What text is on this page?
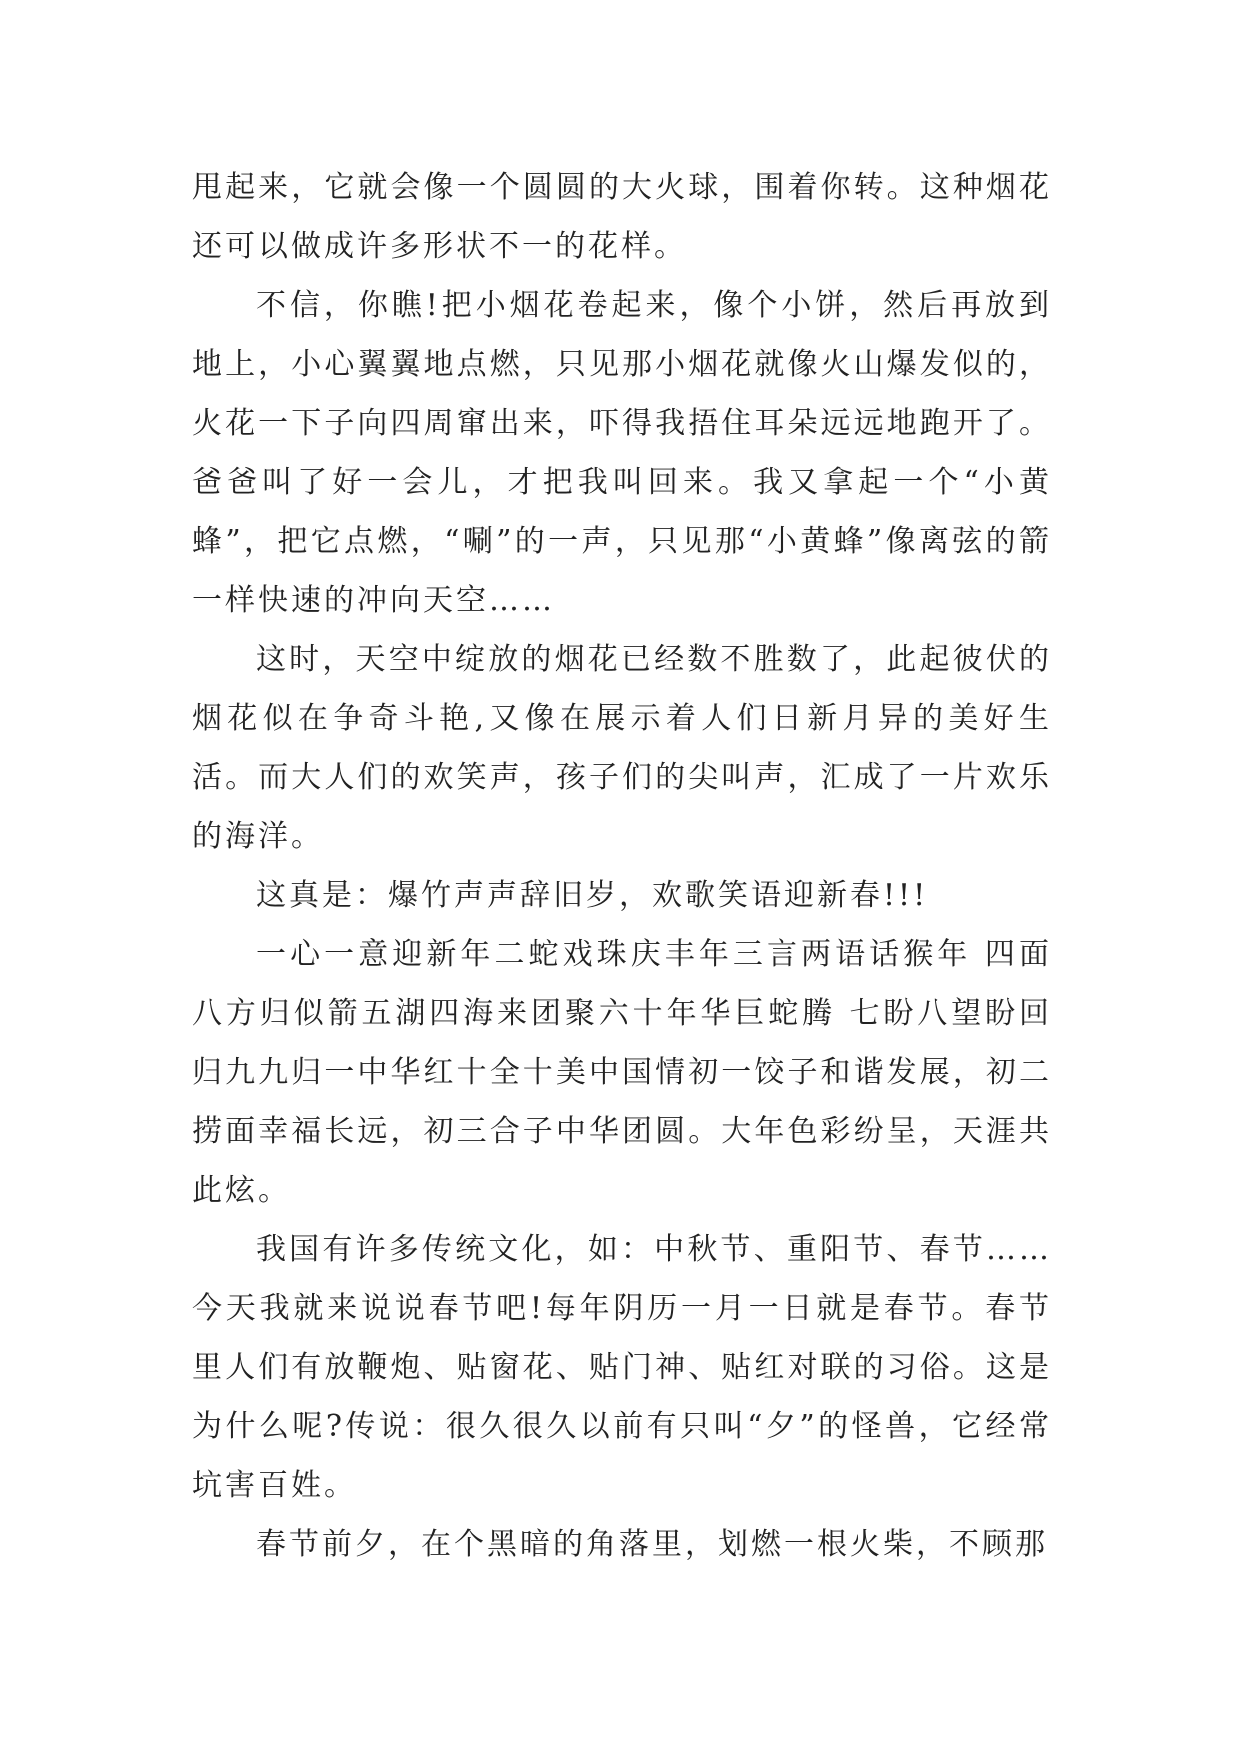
甩起来，它就会像一个圆圆的大火球，围着你转。这种烟花还可以做成许多形状不一的花样。

不信，你瞧!把小烟花卷起来，像个小饼，然后再放到地上，小心翼翼地点燃，只见那小烟花就像火山爆发似的，火花一下子向四周窜出来，吓得我捂住耳朵远远地跑开了。爸爸叫了好一会儿，才把我叫回来。我又拿起一个“小黄蜂”，把它点燃，“唰”的一声，只见那“小黄蜂”像离弦的箭一样快速的冲向天空……

这时，天空中绽放的烟花已经数不胜数了，此起彼伏的烟花似在争奇斗艳,又像在展示着人们日新月异的美好生活。而大人们的欢笑声，孩子们的尖叫声，汇成了一片欢乐的海洋。

这真是：爆竹声声辞旧岁，欢歌笑语迎新春!!!

一心一意迎新年二蛇戏珠庆丰年三言两语话猴年 四面八方归似箭五湖四海来团聚六十年华巨蛇腾 七盼八望盼回归九九归一中华红十全十美中国情初一饺子和谐发展，初二捞面幸福长远，初三合子中华团圆。大年色彩纷呈，天涯共此炫。

我国有许多传统文化，如：中秋节、重阳节、春节……今天我就来说说春节吧!每年阴历一月一日就是春节。春节里人们有放鞭炮、贴窗花、贴门神、贴红对联的习俗。这是为什么呢?传说：很久很久以前有只叫“夕”的怪兽，它经常坑害百姓。

春节前夕，在个黑暗的角落里，划燃一根火柴，不顾那
